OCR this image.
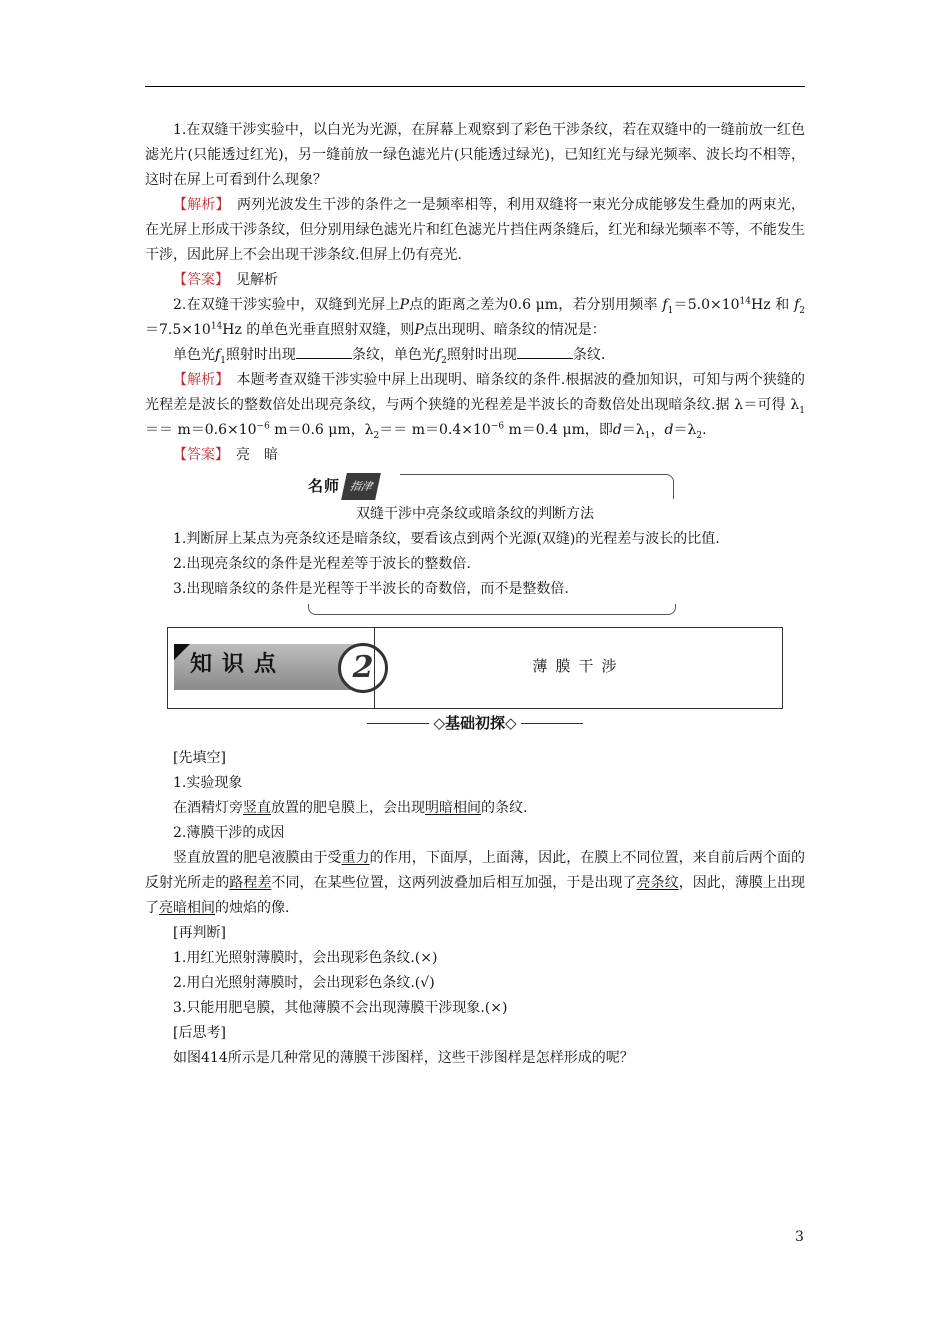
1.在双缝干涉实验中，以白光为光源，在屏幕上观察到了彩色干涉条纹，若在双缝中的一缝前放一红色滤光片(只能透过红光)，另一缝前放一绿色滤光片(只能透过绿光)，已知红光与绿光频率、波长均不相等，这时在屏上可看到什么现象？

【解析】　 两列光波发生干涉的条件之一是频率相等，利用双缝将一束光分成能够发生叠加的两束光，在光屏上形成干涉条纹，但分别用绿色滤光片和红色滤光片挡住两条缝后，红光和绿光频率不等，不能发生干涉，因此屏上不会出现干涉条纹.但屏上仍有亮光.

【答案】　 见解析

2.在双缝干涉实验中，双缝到光屏上P点的距离之差为0.6 μm，若分别用频率 $f_1=5.0\times 10^{14}Hz$ 和 $f_2=7.5\times 10^{14}Hz$ 的单色光垂直照射双缝，则P点出现明、暗条纹的情况是：

单色光$f_1$照射时出现	条纹，单色光$f_2$照射时出现	条纹.

【解析】　 本题考查双缝干涉实验中屏上出现明、暗条纹的条件.根据波的叠加知识，可知与两个狭缝的光程差是波长的整数倍处出现亮条纹，与两个狭缝的光程差是半波长的奇数倍处出现暗条纹.据 λ＝可得 $\lambda_1== m=0.6\times 10^{-6}$ m＝0.6 μm，$\lambda_2== m=0.4\times 10^{-6}$ m＝0.4 μm，即$d=\lambda_1$，$d=\lambda_2$.

【答案】　 亮　暗

名师 指津

双缝干涉中亮条纹或暗条纹的判断方法

1.判断屏上某点为亮条纹还是暗条纹，要看该点到两个光源(双缝)的光程差与波长的比值.

2.出现亮条纹的条件是光程差等于波长的整数倍.

3.出现暗条纹的条件是光程等于半波长的奇数倍，而不是整数倍.

知识点	2	薄膜干涉
◇基础初探◇

[先填空]

1.实验现象

在酒精灯旁竖直放置的肥皂膜上，会出现明暗相间的条纹.

2.薄膜干涉的成因

竖直放置的肥皂液膜由于受重力的作用，下面厚，上面薄，因此，在膜上不同位置，来自前后两个面的反射光所走的路程差不同，在某些位置，这两列波叠加后相互加强，于是出现了亮条纹，因此，薄膜上出现了亮暗相间的烛焰的像.

[再判断]

1.用红光照射薄膜时，会出现彩色条纹.(×)

2.用白光照射薄膜时，会出现彩色条纹.(√)

3.只能用肥皂膜，其他薄膜不会出现薄膜干涉现象.(×)

[后思考]

如图414所示是几种常见的薄膜干涉图样，这些干涉图样是怎样形成的呢？

3
